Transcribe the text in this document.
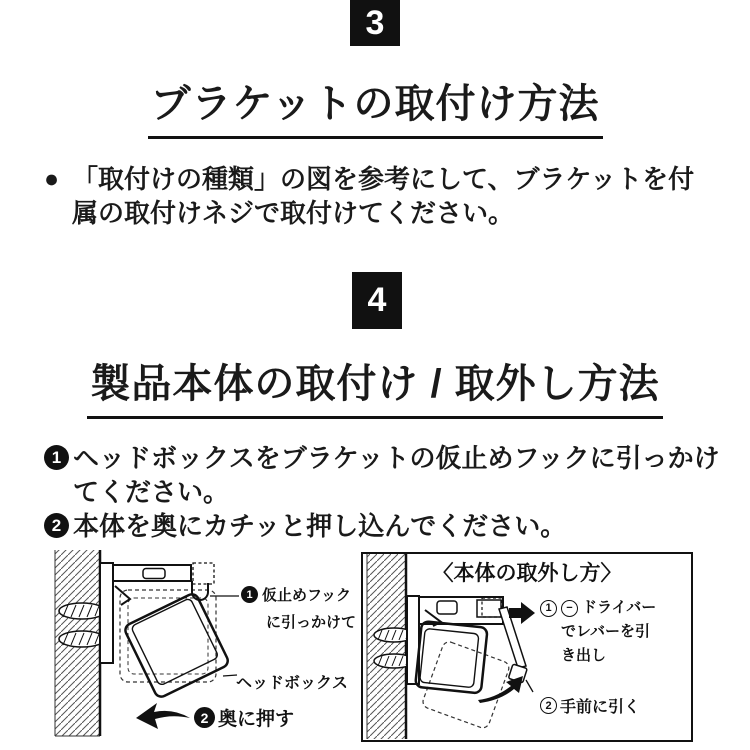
3
ブラケットの取付け方法
● 「取付けの種類」の図を参考にして、ブラケットを付属の取付けネジで取付けてください。
4
製品本体の取付け / 取外し方法
1 ヘッドボックスをブラケットの仮止めフックに引っかけてください。
2 本体を奥にカチッと押し込んでください。
1 仮止めフック
に引っかけて
ヘッドボックス
2 奥に押す
〈本体の取外し方〉
1	− ドライバー
でレバーを引
き出し
2 手前に引く
